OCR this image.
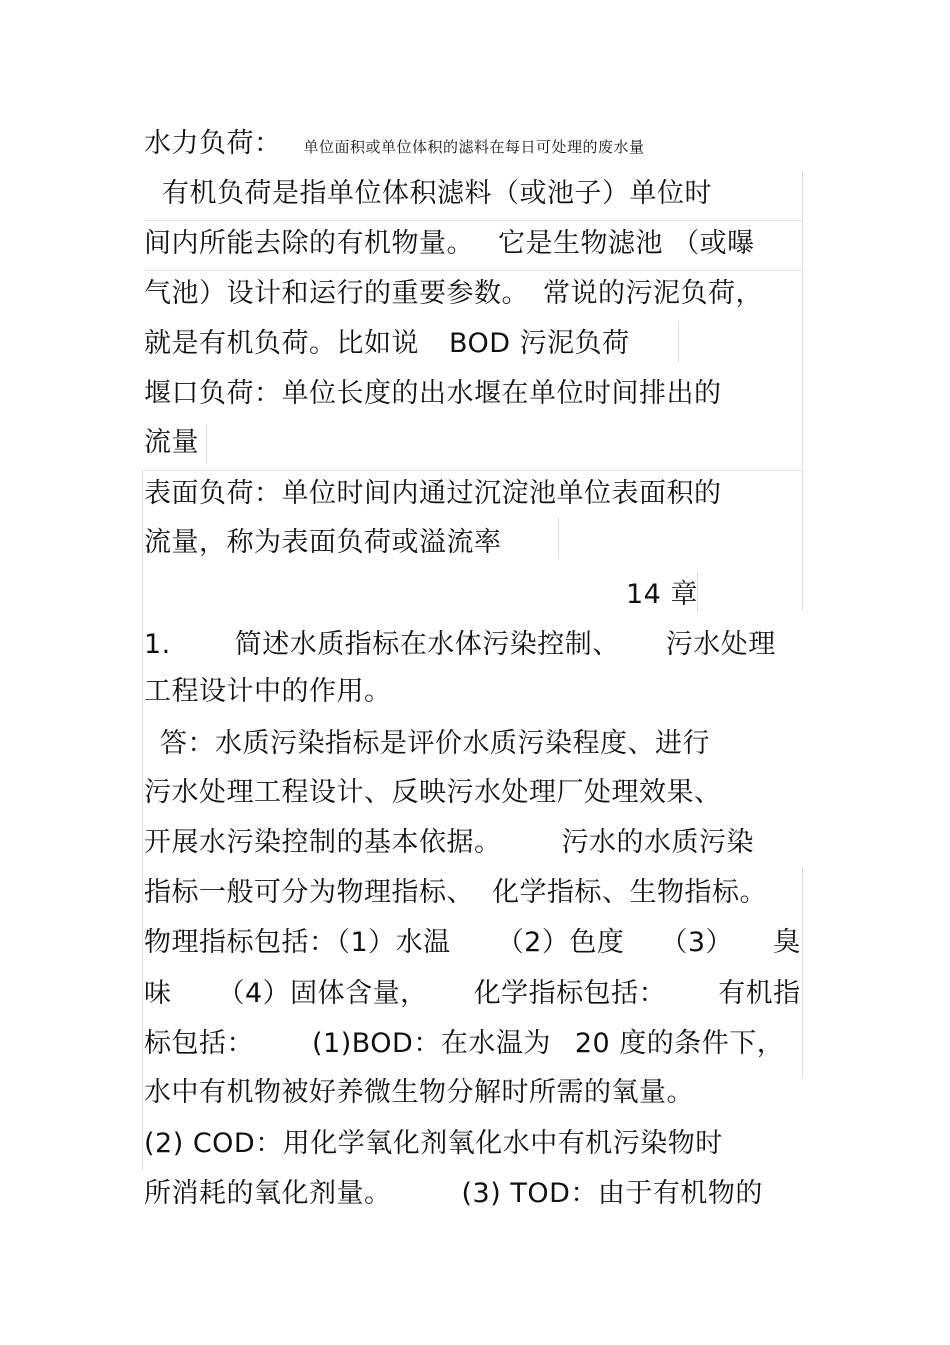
水力负荷： 单位面积或单位体积的滤料在每日可处理的废水量
有机负荷是指单位体积滤料（或池子）单位时
间内所能去除的有机物量。 它是生物滤池 （或曝
气池）设计和运行的重要参数。 常说的污泥负荷，
就是有机负荷。比如说 BOD 污泥负荷
堰口负荷：单位长度的出水堰在单位时间排出的
流量
表面负荷：单位时间内通过沉淀池单位表面积的
流量，称为表面负荷或溢流率
14 章
1. 简述水质指标在水体污染控制、 污水处理
工程设计中的作用。
答：水质污染指标是评价水质污染程度、进行
污水处理工程设计、反映污水处理厂处理效果、
开展水污染控制的基本依据。 污水的水质污染
指标一般可分为物理指标、 化学指标、生物指标。
物理指标包括：（1）水温 （2）色度 （3） 臭
味 （4）固体含量， 化学指标包括： 有机指
标包括： (1)BOD：在水温为 20 度的条件下，
水中有机物被好养微生物分解时所需的氧量。
(2) COD：用化学氧化剂氧化水中有机污染物时
所消耗的氧化剂量。	(3) TOD：由于有机物的
